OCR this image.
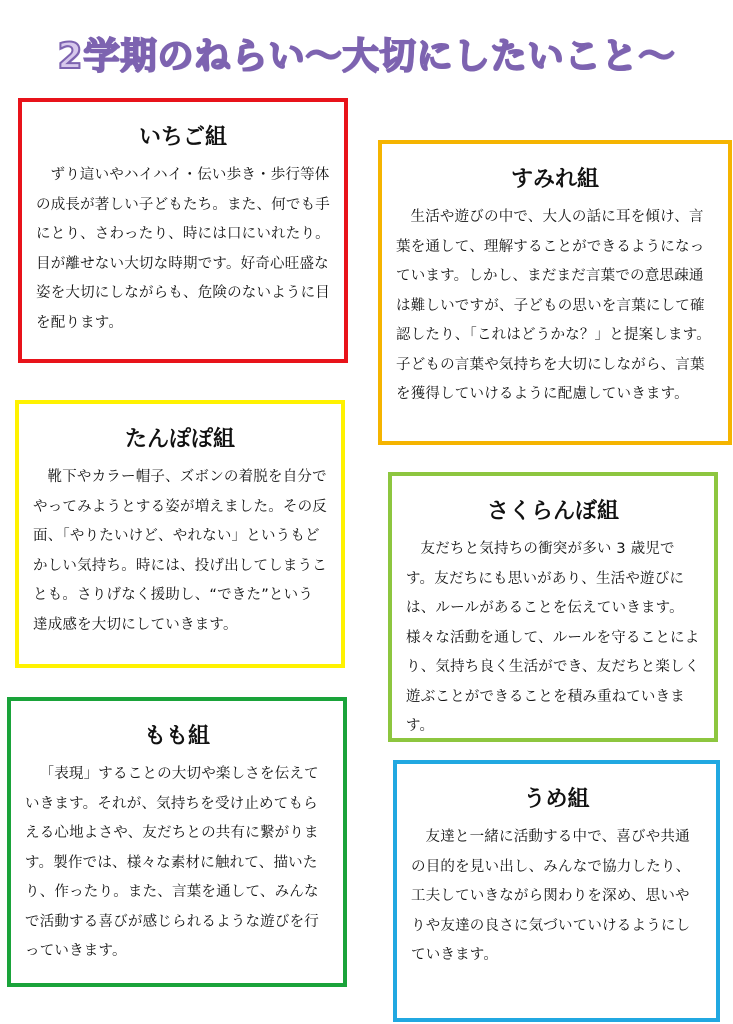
2学期のねらい～大切にしたいこと～
いちご組

ずり這いやハイハイ・伝い歩き・歩行等体の成長が著しい子どもたち。また、何でも手にとり、さわったり、時には口にいれたり。目が離せない大切な時期です。好奇心旺盛な姿を大切にしながらも、危険のないように目を配ります。

すみれ組

生活や遊びの中で、大人の話に耳を傾け、言葉を通して、理解することができるようになっています。しかし、まだまだ言葉での意思疎通は難しいですが、子どもの思いを言葉にして確認したり、「これはどうかな？」と提案します。子どもの言葉や気持ちを大切にしながら、言葉を獲得していけるように配慮していきます。

たんぽぽ組

靴下やカラー帽子、ズボンの着脱を自分でやってみようとする姿が増えました。その反面、「やりたいけど、やれない」というもどかしい気持ち。時には、投げ出してしまうことも。さりげなく援助し、“できた”という達成感を大切にしていきます。

さくらんぼ組

友だちと気持ちの衝突が多い 3 歳児です。友だちにも思いがあり、生活や遊びには、ルールがあることを伝えていきます。様々な活動を通して、ルールを守ることにより、気持ち良く生活ができ、友だちと楽しく遊ぶことができることを積み重ねていきます。

もも組

「表現」することの大切や楽しさを伝えていきます。それが、気持ちを受け止めてもらえる心地よさや、友だちとの共有に繋がります。製作では、様々な素材に触れて、描いたり、作ったり。また、言葉を通して、みんなで活動する喜びが感じられるような遊びを行っていきます。

うめ組

友達と一緒に活動する中で、喜びや共通の目的を見い出し、みんなで協力したり、工夫していきながら関わりを深め、思いやりや友達の良さに気づいていけるようにしていきます。
